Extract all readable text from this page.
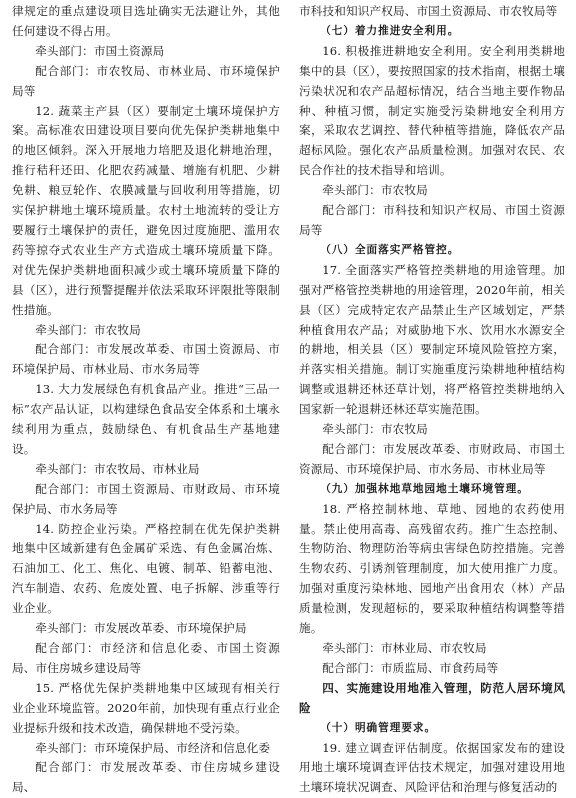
律规定的重点建设项目选址确实无法避让外，其他任何建设不得占用。

牵头部门：市国土资源局

配合部门：市农牧局、市林业局、市环境保护局等

12. 蔬菜主产县（区）要制定土壤环境保护方案。高标准农田建设项目要向优先保护类耕地集中的地区倾斜。深入开展地力培肥及退化耕地治理，推行秸秆还田、化肥农药减量、增施有机肥、少耕免耕、粮豆轮作、农膜减量与回收利用等措施，切实保护耕地土壤环境质量。农村土地流转的受让方要履行土壤保护的责任，避免因过度施肥、滥用农药等掠夺式农业生产方式造成土壤环境质量下降。对优先保护类耕地面积减少或土壤环境质量下降的县（区），进行预警提醒并依法采取环评限批等限制性措施。

牵头部门：市农牧局

配合部门：市发展改革委、市国土资源局、市环境保护局、市林业局、市水务局等

13. 大力发展绿色有机食品产业。推进“三品一标”农产品认证，以构建绿色食品安全体系和土壤永续利用为重点，鼓励绿色、有机食品生产基地建设。

牵头部门：市农牧局、市林业局

配合部门：市国土资源局、市财政局、市环境保护局、市水务局等

14. 防控企业污染。严格控制在优先保护类耕地集中区域新建有色金属矿采选、有色金属冶炼、石油加工、化工、焦化、电镀、制革、铅蓄电池、汽车制造、农药、危废处置、电子拆解、涉重等行业企业。

牵头部门：市发展改革委、市环境保护局

配合部门：市经济和信息化委、市国土资源局、市住房城乡建设局等

15. 严格优先保护类耕地集中区域现有相关行业企业环境监管。2020年前，加快现有重点行业企业提标升级和技术改造，确保耕地不受污染。

牵头部门：市环境保护局、市经济和信息化委

配合部门：市发展改革委、市住房城乡建设局、

市科技和知识产权局、市国土资源局、市农牧局等

（七）着力推进安全利用。

16. 积极推进耕地安全利用。安全利用类耕地集中的县（区），要按照国家的技术指南，根据土壤污染状况和农产品超标情况，结合当地主要作物品种、种植习惯，制定实施受污染耕地安全利用方案，采取农艺调控、替代种植等措施，降低农产品超标风险。强化农产品质量检测。加强对农民、农民合作社的技术指导和培训。

牵头部门：市农牧局

配合部门：市科技和知识产权局、市国土资源局等

（八）全面落实严格管控。

17. 全面落实严格管控类耕地的用途管理。加强对严格管控类耕地的用途管理，2020年前，相关县（区）完成特定农产品禁止生产区域划定，严禁种植食用农产品；对威胁地下水、饮用水水源安全的耕地，相关县（区）要制定环境风险管控方案，并落实相关措施。制订实施重度污染耕地种植结构调整或退耕还林还草计划，将严格管控类耕地纳入国家新一轮退耕还林还草实施范围。

牵头部门：市农牧局

配合部门：市发展改革委、市财政局、市国土资源局、市环境保护局、市水务局、市林业局等

（九）加强林地草地园地土壤环境管理。

18. 严格控制林地、草地、园地的农药使用量。禁止使用高毒、高残留农药。推广生态控制、生物防治、物理防治等病虫害绿色防控措施。完善生物农药、引诱剂管理制度，加大使用推广力度。加强对重度污染林地、园地产出食用农（林）产品质量检测，发现超标的，要采取种植结构调整等措施。

牵头部门：市林业局、市农牧局

配合部门：市质监局、市食药局等

四、实施建设用地准入管理，防范人居环境风险

（十）明确管理要求。

19. 建立调查评估制度。依据国家发布的建设用地土壤环境调查评估技术规定，加强对建设用地土壤环境状况调查、风险评估和治理与修复活动的
